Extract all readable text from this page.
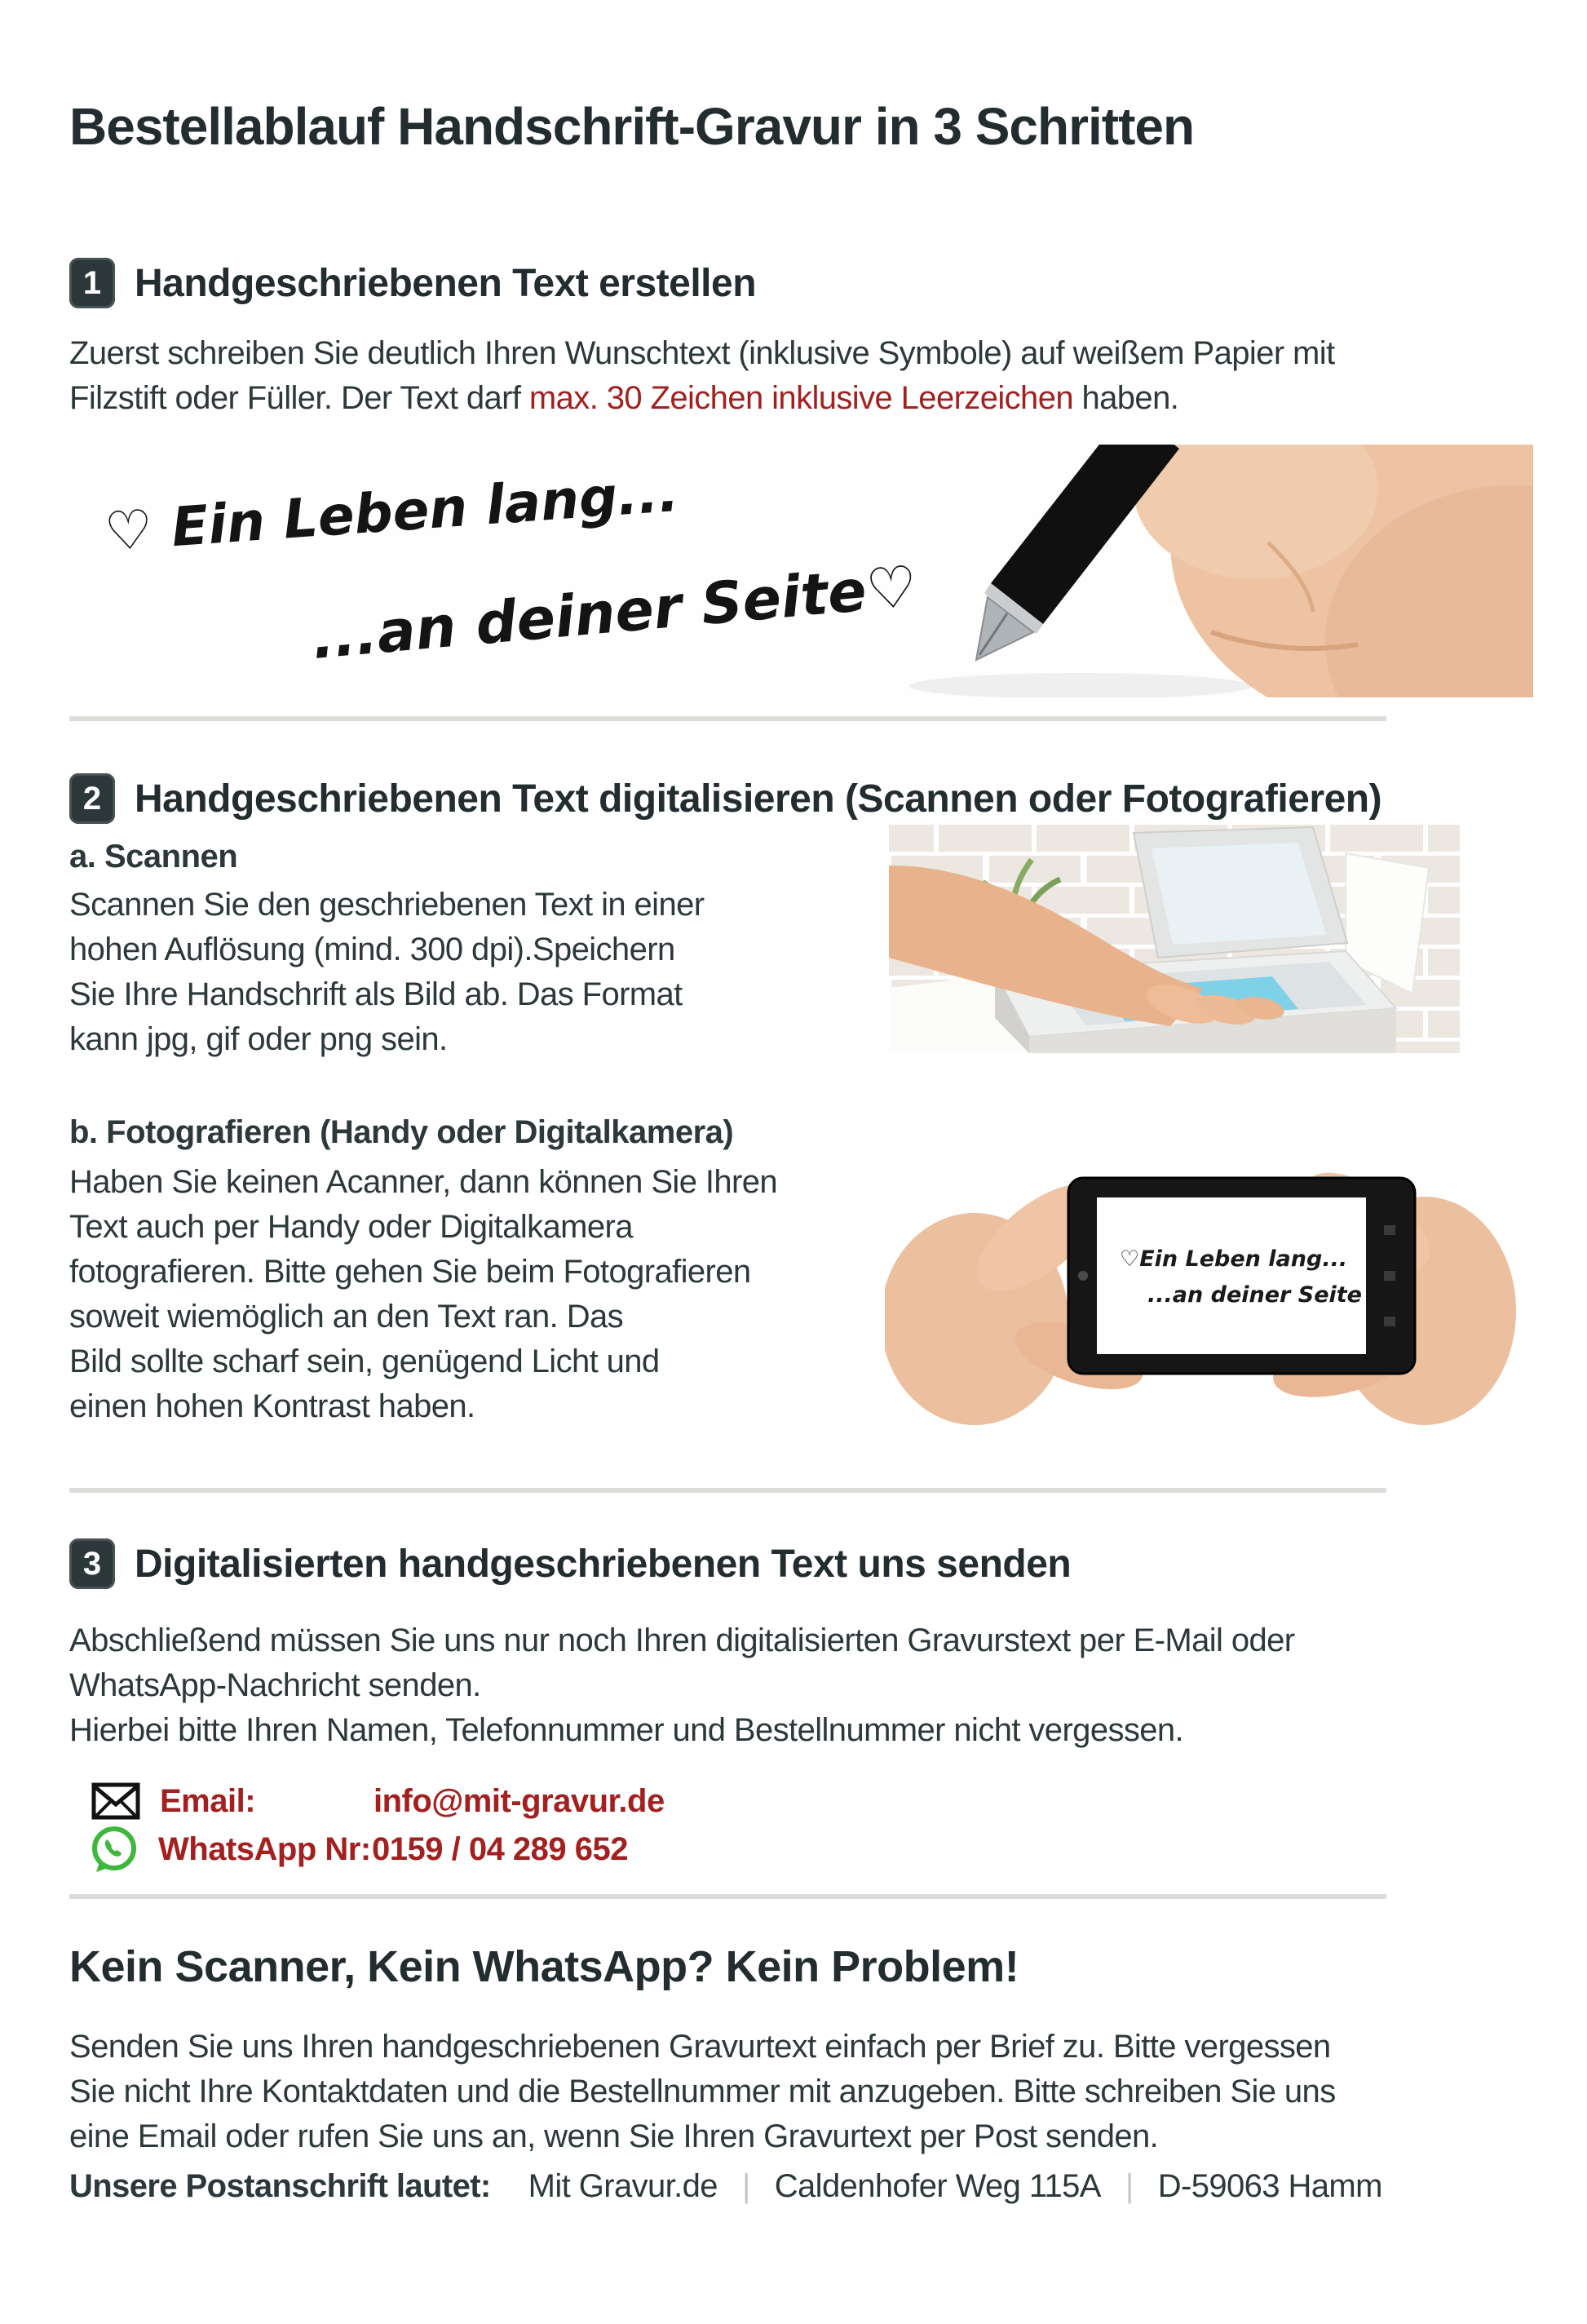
Bestellablauf Handschrift-Gravur in 3 Schritten
1 Handgeschriebenen Text erstellen
Zuerst schreiben Sie deutlich Ihren Wunschtext (inklusive Symbole) auf weißem Papier mit
Filzstift oder Füller. Der Text darf max. 30 Zeichen inklusive Leerzeichen haben.
♡ Ein Leben lang...
...an deiner Seite♡
2 Handgeschriebenen Text digitalisieren (Scannen oder Fotografieren)
a. Scannen
Scannen Sie den geschriebenen Text in einer
hohen Auflösung (mind. 300 dpi).Speichern
Sie Ihre Handschrift als Bild ab. Das Format
kann jpg, gif oder png sein.
b. Fotografieren (Handy oder Digitalkamera)
Haben Sie keinen Acanner, dann können Sie Ihren
Text auch per Handy oder Digitalkamera
fotografieren. Bitte gehen Sie beim Fotografieren
soweit wiemöglich an den Text ran. Das
Bild sollte scharf sein, genügend Licht und
einen hohen Kontrast haben.
♡Ein Leben lang...
...an deiner Seite ♡
3 Digitalisierten handgeschriebenen Text uns senden
Abschließend müssen Sie uns nur noch Ihren digitalisierten Gravurstext per E-Mail oder
WhatsApp-Nachricht senden.
Hierbei bitte Ihren Namen, Telefonnummer und Bestellnummer nicht vergessen.
Email:	info@mit-gravur.de
WhatsApp Nr: 0159 / 04 289 652
Kein Scanner, Kein WhatsApp? Kein Problem!
Senden Sie uns Ihren handgeschriebenen Gravurtext einfach per Brief zu. Bitte vergessen
Sie nicht Ihre Kontaktdaten und die Bestellnummer mit anzugeben. Bitte schreiben Sie uns
eine Email oder rufen Sie uns an, wenn Sie Ihren Gravurtext per Post senden.
Unsere Postanschrift lautet: Mit Gravur.de | Caldenhofer Weg 115A | D-59063 Hamm
